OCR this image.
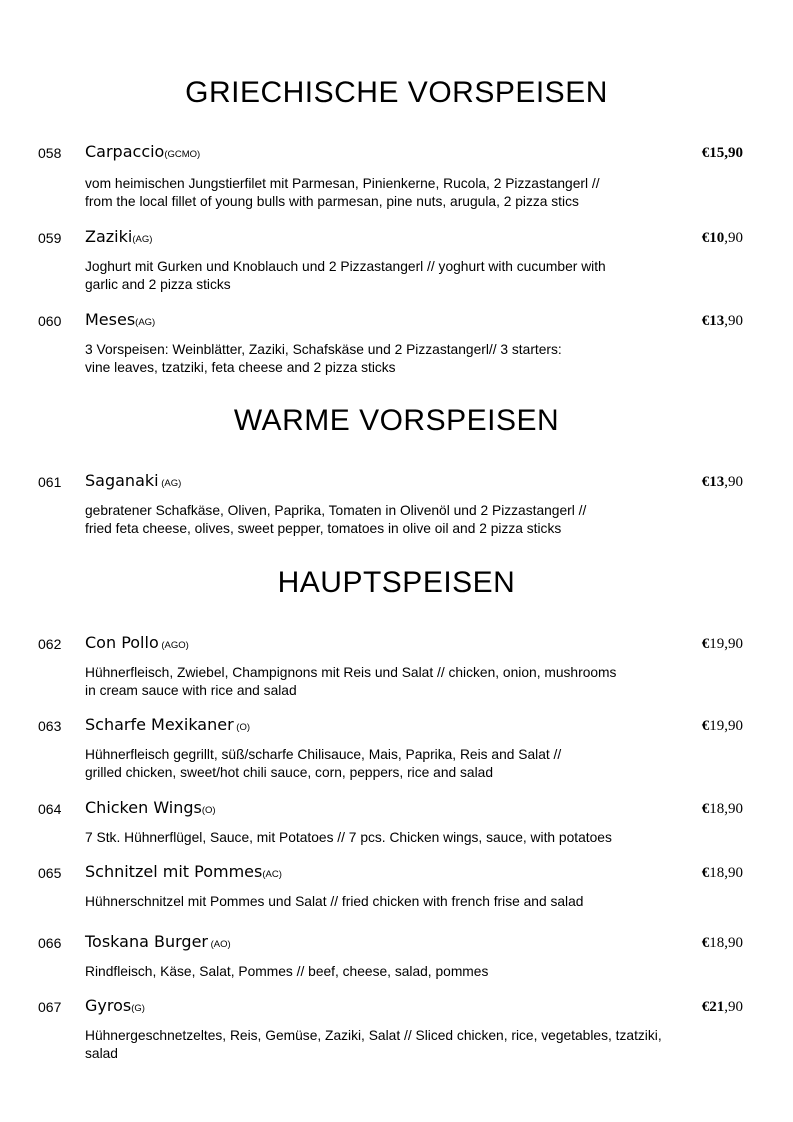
GRIECHISCHE VORSPEISEN
058 Carpaccio(GCMO)	€15,90
vom heimischen Jungstierfilet mit Parmesan, Pinienkerne, Rucola, 2 Pizzastangerl //
from the local fillet of young bulls with parmesan, pine nuts, arugula, 2 pizza stics
059 Zaziki(AG)	€10,90
Joghurt mit Gurken und Knoblauch und 2 Pizzastangerl // yoghurt with cucumber with
garlic and 2 pizza sticks
060 Meses(AG)	€13,90
3 Vorspeisen: Weinblätter, Zaziki, Schafskäse und 2 Pizzastangerl// 3 starters:
vine leaves, tzatziki, feta cheese and 2 pizza sticks
WARME VORSPEISEN
061 Saganaki (AG)	€13,90
gebratener Schafkäse, Oliven, Paprika, Tomaten in Olivenöl und 2 Pizzastangerl //
fried feta cheese, olives, sweet pepper, tomatoes in olive oil and 2 pizza sticks
HAUPTSPEISEN
062 Con Pollo (AGO)	€19,90
Hühnerfleisch, Zwiebel, Champignons mit Reis und Salat // chicken, onion, mushrooms
in cream sauce with rice and salad
063 Scharfe Mexikaner (O)	€19,90
Hühnerfleisch gegrillt, süß/scharfe Chilisauce, Mais, Paprika, Reis and Salat //
grilled chicken, sweet/hot chili sauce, corn, peppers, rice and salad
064 Chicken Wings(O)	€18,90
7 Stk. Hühnerflügel, Sauce, mit Potatoes // 7 pcs. Chicken wings, sauce, with potatoes
065 Schnitzel mit Pommes(AC)	€18,90
Hühnerschnitzel mit Pommes und Salat // fried chicken with french frise and salad
066 Toskana Burger (AO)	€18,90
Rindfleisch, Käse, Salat, Pommes // beef, cheese, salad, pommes
067 Gyros(G)	€21,90
Hühnergeschnetzeltes, Reis, Gemüse, Zaziki, Salat // Sliced chicken, rice, vegetables, tzatziki,
salad
